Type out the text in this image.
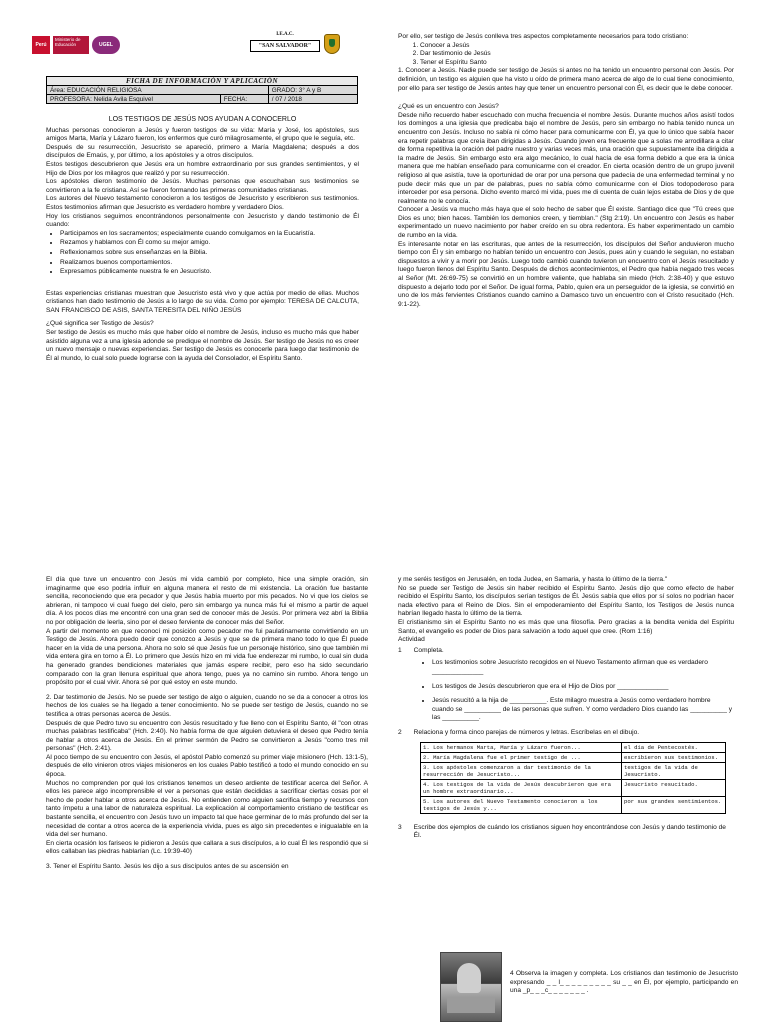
Perú
Ministerio de Educación	UGEL
I.E.A.C.
"SAN SALVADOR"
FICHA DE INFORMACIÓN Y APLICACIÓN		
Área: EDUCACIÓN RELIGIOSA		GRADO: 3° A y B
PROFESORA: Nelida Avila Esquivel	FECHA:	/ 07 / 2018

LOS TESTIGOS DE JESÚS NOS AYUDAN A CONOCERLO

Muchas personas conocieron a Jesús y fueron testigos de su vida: María y José, los apóstoles, sus amigos Marta, María y Lázaro fueron, los enfermos que curó milagrosamente, el grupo que le seguía, etc.

Después de su resurrección, Jesucristo se apareció, primero a María Magdalena; después a dos discípulos de Emaús, y, por último, a los apóstoles y a otros discípulos.

Estos testigos descubrieron que Jesús era un hombre extraordinario por sus grandes sentimientos, y el Hijo de Dios por los milagros que realizó y por su resurrección.

Los apóstoles dieron testimonio de Jesús. Muchas personas que escuchaban sus testimonios se convirtieron a la fe cristiana. Así se fueron formando las primeras comunidades cristianas.

Los autores del Nuevo testamento conocieron a los testigos de Jesucristo y escribieron sus testimonios. Estos testimonios afirman que Jesucristo es verdadero hombre y verdadero Dios.

Hoy los cristianos seguimos encontrándonos personalmente con Jesucristo y dando testimonio de Él cuando:

• Participamos en los sacramentos; especialmente cuando comulgamos en la Eucaristía.
• Rezamos y hablamos con Él como su mejor amigo.
• Reflexionamos sobre sus enseñanzas en la Biblia.
• Realizamos buenos comportamientos.
• Expresamos públicamente nuestra fe en Jesucristo.

Estas experiencias cristianas muestran que Jesucristo está vivo y que actúa por medio de ellas. Muchos cristianos han dado testimonio de Jesús a lo largo de su vida. Como por ejemplo: TERESA DE CALCUTA, SAN FRANCISCO DE ASIS, SANTA TERESITA DEL NIÑO JESÚS

¿Qué significa ser Testigo de Jesús?

Ser testigo de Jesús es mucho más que haber oído el nombre de Jesús, incluso es mucho más que haber asistido alguna vez a una iglesia adonde se predique el nombre de Jesús. Ser testigo de Jesús no es creer un nuevo mensaje o nuevas experiencias. Ser testigo de Jesús es conocerle para luego dar testimonio de Él al mundo, lo cual solo puede lograrse con la ayuda del Consolador, el Espíritu Santo.

Por ello, ser testigo de Jesús conlleva tres aspectos completamente necesarios para todo cristiano:

1. Conocer a Jesús
2. Dar testimonio de Jesús
3. Tener el Espíritu Santo

1. Conocer a Jesús. Nadie puede ser testigo de Jesús si antes no ha tenido un encuentro personal con Jesús. Por definición, un testigo es alguien que ha visto u oído de primera mano acerca de algo de lo cual tiene conocimiento, por ello para ser testigo de Jesús antes hay que tener un encuentro personal con Él, es decir que le debe conocer.

¿Qué es un encuentro con Jesús?

Desde niño recuerdo haber escuchado con mucha frecuencia el nombre Jesús. Durante muchos años asistí todos los domingos a una iglesia que predicaba bajo el nombre de Jesús, pero sin embargo no había tenido nunca un encuentro con Jesús. Incluso no sabía ni cómo hacer para comunicarme con Él, ya que lo único que sabía hacer era repetir palabras que creía iban dirigidas a Jesús. Cuando joven era frecuente que a solas me arrodillara a citar de forma repetitiva la oración del padre nuestro y varias veces más, una oración que supuestamente iba dirigida a la madre de Jesús. Sin embargo esto era algo mecánico, lo cual hacía de esa forma debido a que era la única manera que me habían enseñado para comunicarme con el creador. En cierta ocasión dentro de un grupo juvenil religioso al que asistía, tuve la oportunidad de orar por una persona que padecía de una enfermedad terminal y no pude decir más que un par de palabras, pues no sabía cómo comunicarme con el Dios todopoderoso para interceder por esa persona. Dicho evento marcó mi vida, pues me di cuenta de cuán lejos estaba de Dios y de que realmente no le conocía.

Conocer a Jesús va mucho más haya que el solo hecho de saber que Él existe. Santiago dice que "Tú crees que Dios es uno; bien haces. También los demonios creen, y tiemblan." (Stg 2:19). Un encuentro con Jesús es haber experimentado un nuevo nacimiento por haber creído en su obra redentora. Es haber experimentado un cambio de rumbo en la vida.

Es interesante notar en las escrituras, que antes de la resurrección, los discípulos del Señor anduvieron mucho tiempo con Él y sin embargo no habían tenido un encuentro con Jesús, pues aún y cuando le seguían, no estaban dispuestos a vivir y a morir por Jesús. Luego todo cambió cuando tuvieron un encuentro con el Jesús resucitado y luego fueron llenos del Espíritu Santo. Después de dichos acontecimientos, el Pedro que había negado tres veces al Señor (Mt. 26:69-75) se convirtió en un hombre valiente, que hablaba sin miedo (Hch. 2:38-40) y que estuvo dispuesto a dejarlo todo por el Señor. De igual forma, Pablo, quien era un perseguidor de la iglesia, se convirtió en uno de los más fervientes Cristianos cuando camino a Damasco tuvo un encuentro con el Cristo resucitado (Hch. 9:1-22).

El día que tuve un encuentro con Jesús mi vida cambió por completo, hice una simple oración, sin imaginarme que eso podría influir en alguna manera el resto de mi existencia. La oración fue bastante sencilla, reconociendo que era pecador y que Jesús había muerto por mis pecados. No vi que los cielos se abrieran, ni tampoco vi cual fuego del cielo, pero sin embargo ya nunca más fui el mismo a partir de aquel día. A los pocos días me encontré con una gran sed de conocer más de Jesús. Por primera vez abrí la Biblia no por obligación de leerla, sino por el deseo ferviente de conocer más del Señor.

A partir del momento en que reconocí mi posición como pecador me fui paulatinamente convirtiendo en un Testigo de Jesús. Ahora puedo decir que conozco a Jesús y que se de primera mano todo lo que Él puede hacer en la vida de una persona. Ahora no solo sé que Jesús fue un personaje histórico, sino que también mi vida entera gira en torno a Él. Lo primero que Jesús hizo en mi vida fue enderezar mi rumbo, lo cual sin duda ha generado grandes bendiciones materiales que jamás espere recibir, pero eso ha sido secundario comparado con la gran llenura espiritual que ahora tengo, pues ya no camino sin rumbo. Ahora tengo un propósito por el cual vivir. Ahora sé por qué estoy en este mundo.

2. Dar testimonio de Jesús. No se puede ser testigo de algo o alguien, cuando no se da a conocer a otros los hechos de los cuales se ha llegado a tener conocimiento. No se puede ser testigo de Jesús, cuando no se testifica a otras personas acerca de Jesús.

Después de que Pedro tuvo su encuentro con Jesús resucitado y fue lleno con el Espíritu Santo, él "con otras muchas palabras testificaba" (Hch. 2:40). No había forma de que alguien detuviera el deseo que Pedro tenía de hablar a otros acerca de Jesús. En el primer sermón de Pedro se convirtieron a Jesús "como tres mil personas" (Hch. 2:41).

Al poco tiempo de su encuentro con Jesús, el apóstol Pablo comenzó su primer viaje misionero (Hch. 13:1-5), después de ello vinieron otros viajes misioneros en los cuales Pablo testificó a todo el mundo conocido en su época.

Muchos no comprenden por qué los cristianos tenemos un deseo ardiente de testificar acerca del Señor. A ellos les parece algo incomprensible el ver a personas que están decididas a sacrificar ciertas cosas por el hecho de poder hablar a otros acerca de Jesús. No entienden como alguien sacrifica tiempo y recursos con tanto ímpetu a una labor de naturaleza espiritual. La explicación al comportamiento cristiano de testificar es bastante sencilla, el encuentro con Jesús tuvo un impacto tal que hace germinar de lo más profundo del ser la necesidad de contar a otros acerca de la experiencia vivida, pues es algo sin precedentes e inigualable en la vida del ser humano.

En cierta ocasión los fariseos le pidieron a Jesús que callara a sus discípulos, a lo cual Él les respondió que si ellos callaban las piedras hablarían (Lc. 19:39-40)

3. Tener el Espíritu Santo. Jesús les dijo a sus discípulos antes de su ascensión en

y me seréis testigos en Jerusalén, en toda Judea, en Samaria, y hasta lo último de la tierra."

No se puede ser Testigo de Jesús sin haber recibido el Espíritu Santo. Jesús dijo que como efecto de haber recibido el Espíritu Santo, los discípulos serían testigos de Él. Jesús sabía que ellos por sí solos no podrían hacer nada efectivo para el Reino de Dios. Sin el empoderamiento del Espíritu Santo, los Testigos de Jesús nunca habrían llegado hasta lo último de la tierra.

El cristianismo sin el Espíritu Santo no es más que una filosofía. Pero gracias a la bendita venida del Espíritu Santo, el evangelio es poder de Dios para salvación a todo aquel que cree. (Rom 1:16)

Actividad

1 Completa.
• Los testimonios sobre Jesucristo recogidos en el Nuevo Testamento afirman que es verdadero ______________
• Los testigos de Jesús descubrieron que era el Hijo de Dios por ______________
• Jesús resucitó a la hija de __________. Este milagro muestra a Jesús como verdadero hombre cuando se __________ de las personas que sufren. Y como verdadero Dios cuando las __________ y las __________.
2 Relaciona y forma cinco parejas de números y letras. Escríbelas en el dibujo.
1. Los hermanos Marta, María y Lázaro fueron...	el día de Pentecostés.
2. María Magdalena fue el primer testigo de ...	escribieron sus testimonios.
3. Los apóstoles comenzaron a dar testimonio de la resurrección de Jesucristo...	testigos de la vida de Jesucristo.
4. Los testigos de la vida de Jesús descubrieron que era un hombre extraordinario...	Jesucristo resucitado.
5. Los autores del Nuevo Testamento conocieron a los testigos de Jesús y...	por sus grandes sentimientos.
3 Escribe dos ejemplos de cuándo los cristianos siguen hoy encontrándose con Jesús y dando testimonio de Él.

4 Observa la imagen y completa. Los cristianos dan testimonio de Jesucristo expresando _ _ l_ _ _ _ _ _ _ _ _ su _ _ en Él, por ejemplo, participando en una _p_ _ _c_ _ _ _ _ _ _ .
